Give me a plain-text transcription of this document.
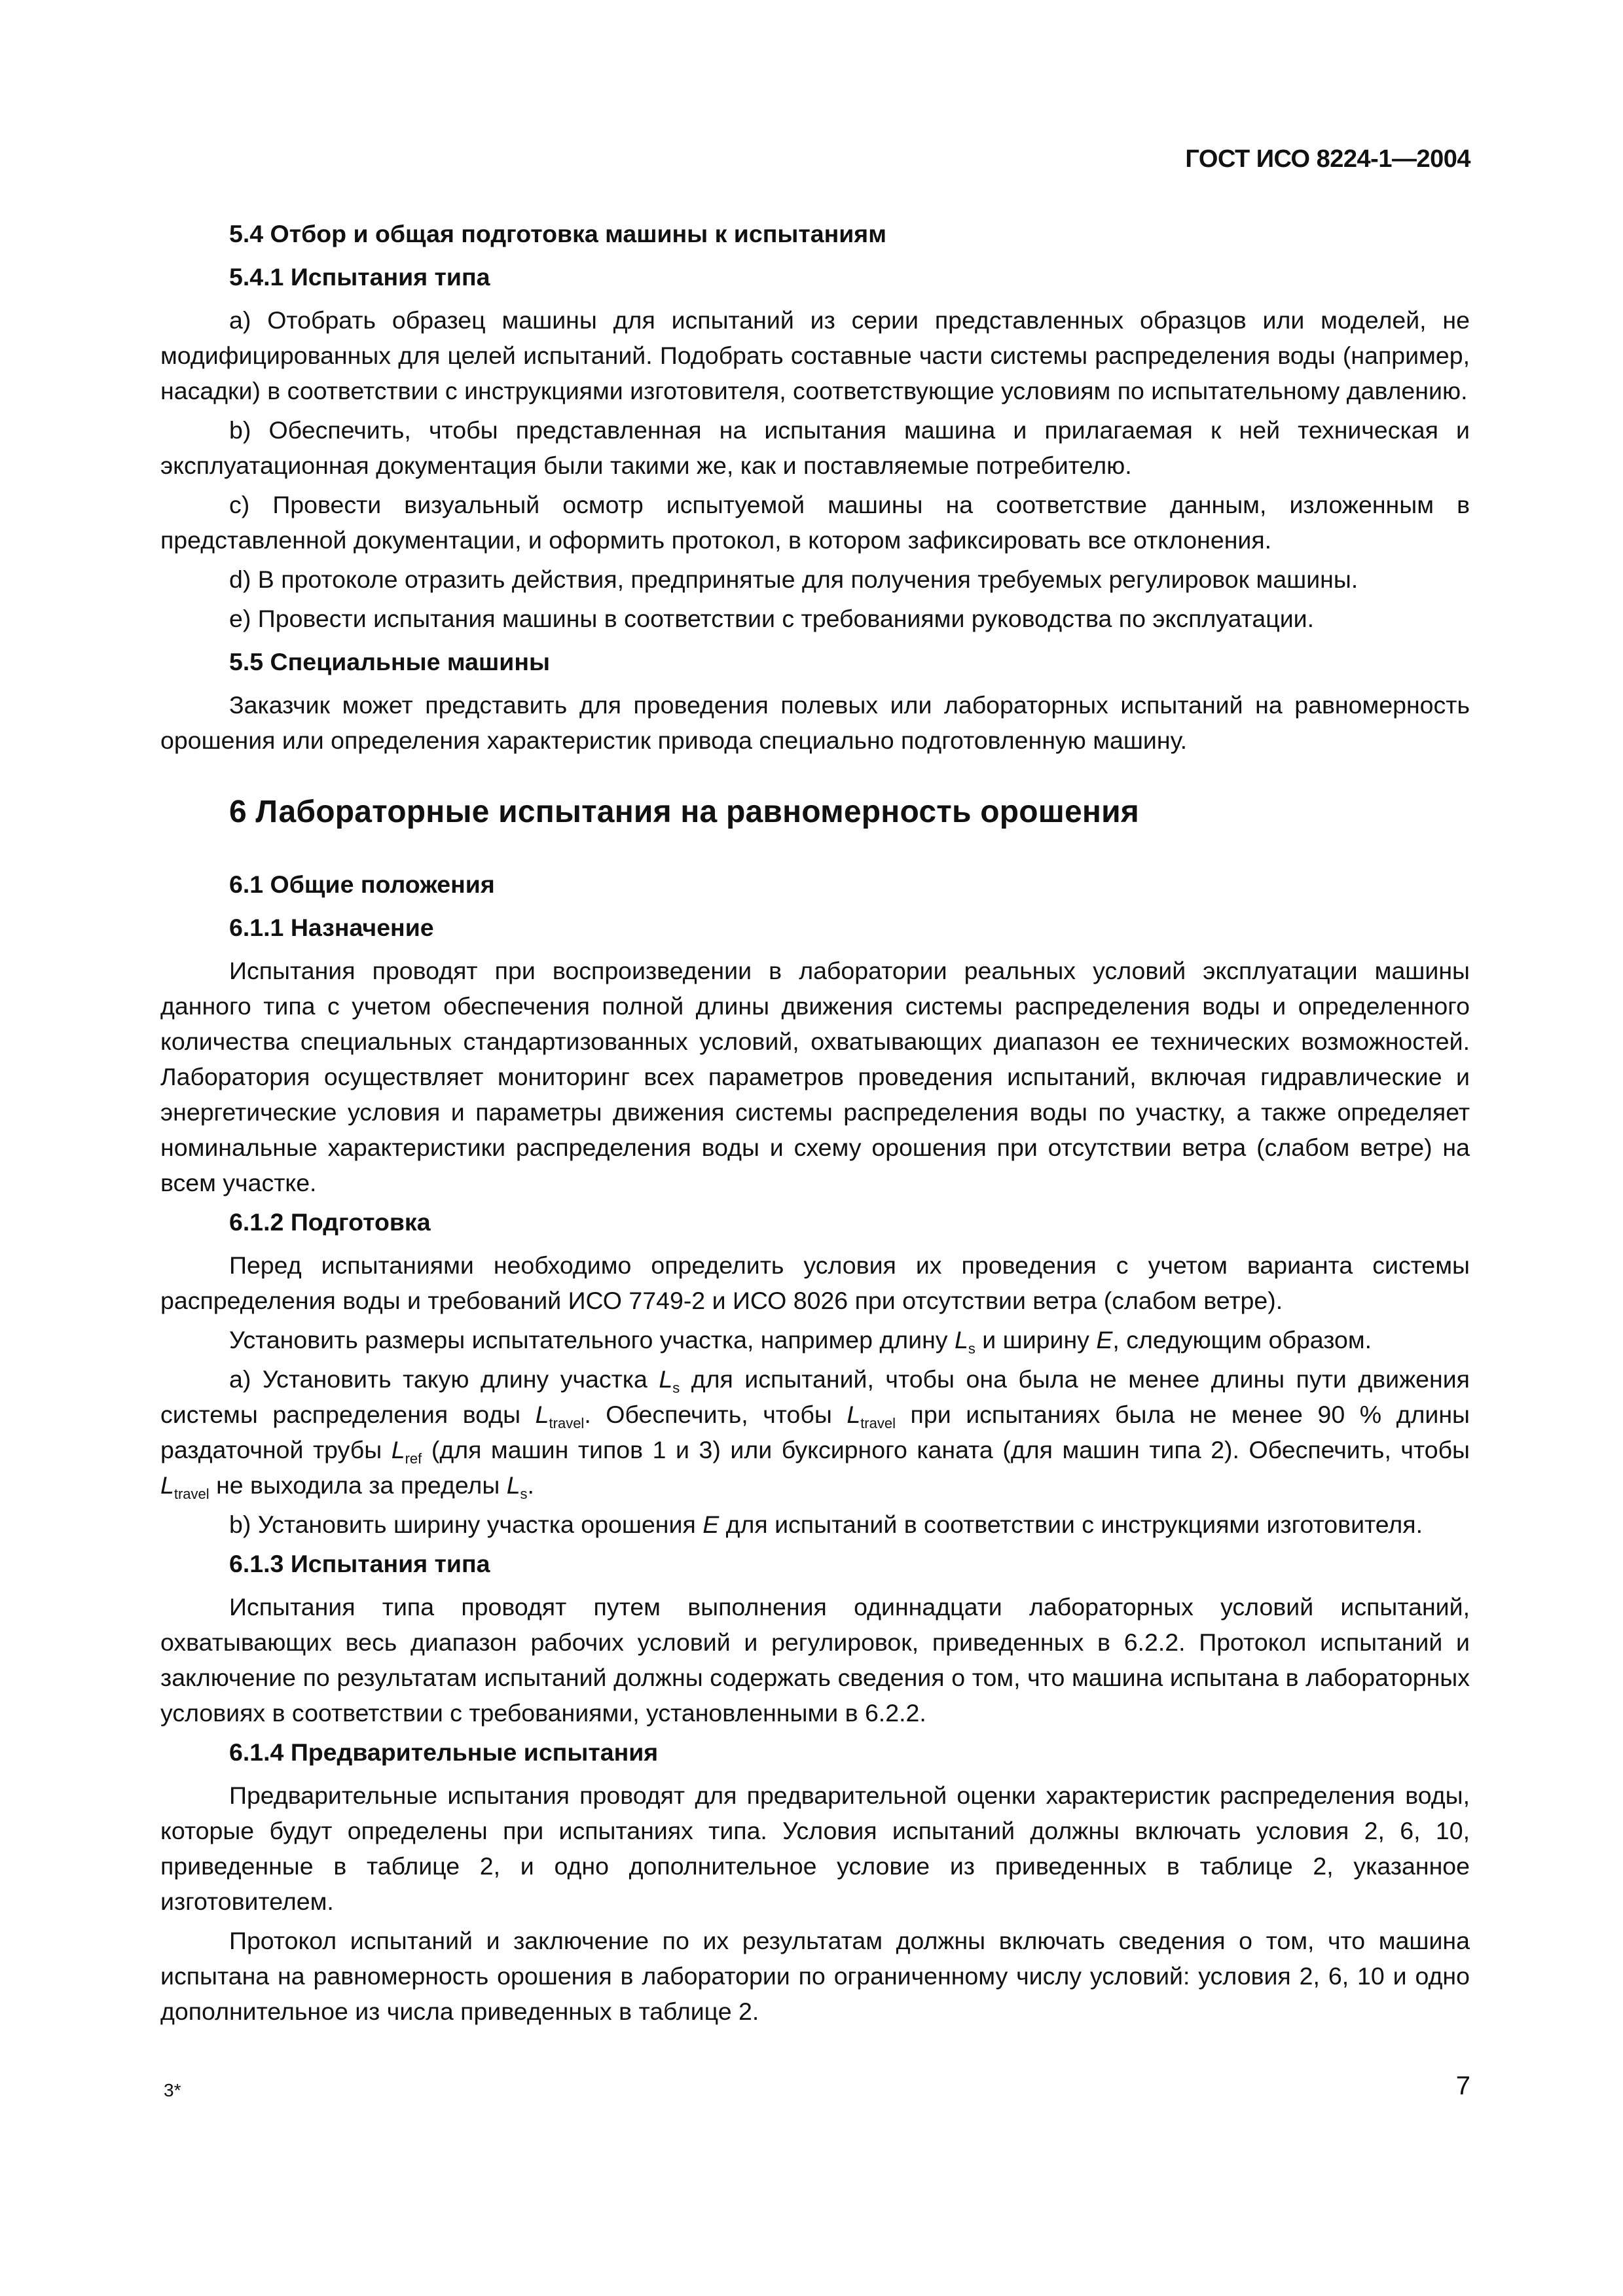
ГОСТ ИСО 8224-1—2004
5.4 Отбор и общая подготовка машины к испытаниям
5.4.1 Испытания типа
а) Отобрать образец машины для испытаний из серии представленных образцов или моделей, не модифицированных для целей испытаний. Подобрать составные части системы распределения воды (например, насадки) в соответствии с инструкциями изготовителя, соответствующие условиям по испытательному давлению.
b) Обеспечить, чтобы представленная на испытания машина и прилагаемая к ней техническая и эксплуатационная документация были такими же, как и поставляемые потребителю.
с) Провести визуальный осмотр испытуемой машины на соответствие данным, изложенным в представленной документации, и оформить протокол, в котором зафиксировать все отклонения.
d) В протоколе отразить действия, предпринятые для получения требуемых регулировок машины.
е) Провести испытания машины в соответствии с требованиями руководства по эксплуатации.
5.5 Специальные машины
Заказчик может представить для проведения полевых или лабораторных испытаний на равномерность орошения или определения характеристик привода специально подготовленную машину.
6 Лабораторные испытания на равномерность орошения
6.1 Общие положения
6.1.1 Назначение
Испытания проводят при воспроизведении в лаборатории реальных условий эксплуатации машины данного типа с учетом обеспечения полной длины движения системы распределения воды и определенного количества специальных стандартизованных условий, охватывающих диапазон ее технических возможностей. Лаборатория осуществляет мониторинг всех параметров проведения испытаний, включая гидравлические и энергетические условия и параметры движения системы распределения воды по участку, а также определяет номинальные характеристики распределения воды и схему орошения при отсутствии ветра (слабом ветре) на всем участке.
6.1.2 Подготовка
Перед испытаниями необходимо определить условия их проведения с учетом варианта системы распределения воды и требований ИСО 7749-2 и ИСО 8026 при отсутствии ветра (слабом ветре).
Установить размеры испытательного участка, например длину $L_s$ и ширину E, следующим образом.
а) Установить такую длину участка $L_s$ для испытаний, чтобы она была не менее длины пути движения системы распределения воды $L_{travel}$. Обеспечить, чтобы $L_{travel}$ при испытаниях была не менее 90 % длины раздаточной трубы $L_{ref}$ (для машин типов 1 и 3) или буксирного каната (для машин типа 2). Обеспечить, чтобы $L_{travel}$ не выходила за пределы $L_s$.
b) Установить ширину участка орошения E для испытаний в соответствии с инструкциями изготовителя.
6.1.3 Испытания типа
Испытания типа проводят путем выполнения одиннадцати лабораторных условий испытаний, охватывающих весь диапазон рабочих условий и регулировок, приведенных в 6.2.2. Протокол испытаний и заключение по результатам испытаний должны содержать сведения о том, что машина испытана в лабораторных условиях в соответствии с требованиями, установленными в 6.2.2.
6.1.4 Предварительные испытания
Предварительные испытания проводят для предварительной оценки характеристик распределения воды, которые будут определены при испытаниях типа. Условия испытаний должны включать условия 2, 6, 10, приведенные в таблице 2, и одно дополнительное условие из приведенных в таблице 2, указанное изготовителем.
Протокол испытаний и заключение по их результатам должны включать сведения о том, что машина испытана на равномерность орошения в лаборатории по ограниченному числу условий: условия 2, 6, 10 и одно дополнительное из числа приведенных в таблице 2.
3*	7
